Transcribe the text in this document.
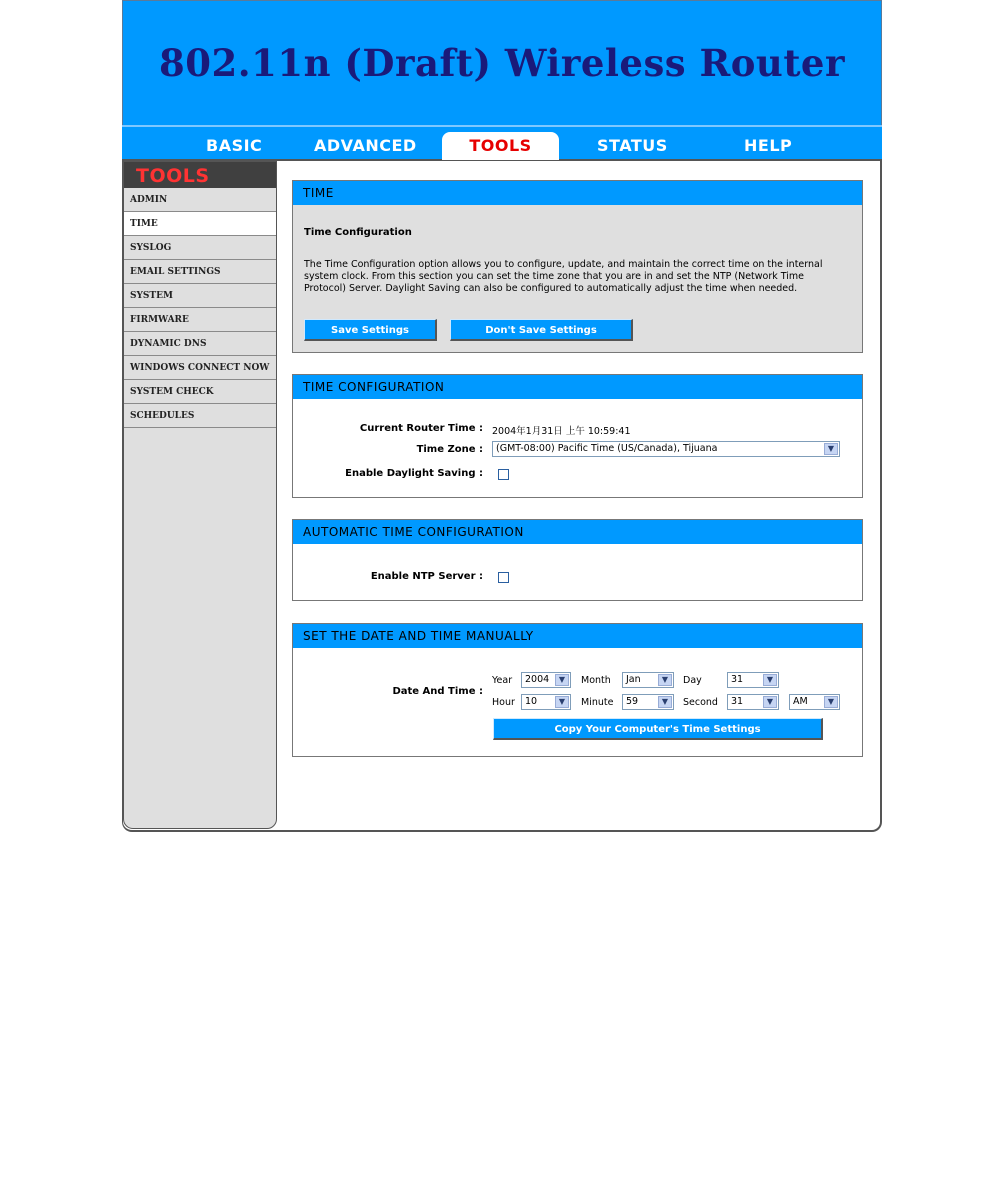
802.11n (Draft) Wireless Router
BASIC	ADVANCED	TOOLS	STATUS	HELP
TOOLS
ADMIN
TIME
SYSLOG
EMAIL SETTINGS
SYSTEM
FIRMWARE
DYNAMIC DNS
WINDOWS CONNECT NOW
SYSTEM CHECK
SCHEDULES
TIME
Time Configuration
The Time Configuration option allows you to configure, update, and maintain the correct time on the internal system clock. From this section you can set the time zone that you are in and set the NTP (Network Time Protocol) Server. Daylight Saving can also be configured to automatically adjust the time when needed.
Save Settings	Don't Save Settings
TIME CONFIGURATION
Current Router Time : 2004年1月31日 上午 10:59:41
Time Zone :	(GMT-08:00) Pacific Time (US/Canada), Tijuana	▼
Enable Daylight Saving :
AUTOMATIC TIME CONFIGURATION
Enable NTP Server :
SET THE DATE AND TIME MANUALLY
Date And Time :
Year	2004	▼	Month	Jan	▼	Day	31	▼
Hour	10	▼	Minute	59	▼	Second	31	▼	AM	▼
Copy Your Computer's Time Settings
